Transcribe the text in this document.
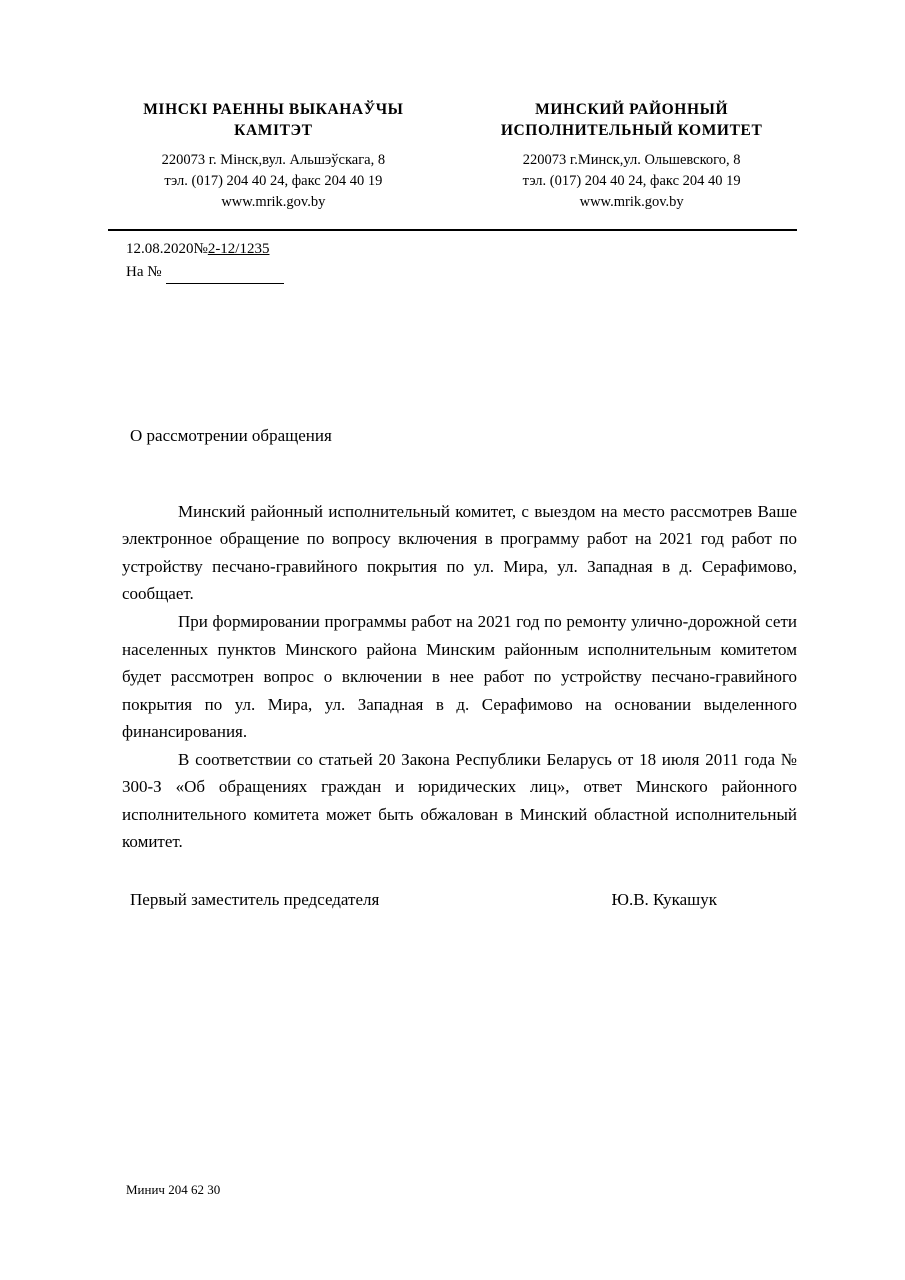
МІНСКІ РАЕННЫ ВЫКАНАЎЧЫ КАМІТЭТ
220073 г. Мінск,вул. Альшэўскага, 8
тэл. (017) 204 40 24, факс 204 40 19
www.mrik.gov.by
МИНСКИЙ РАЙОННЫЙ ИСПОЛНИТЕЛЬНЫЙ КОМИТЕТ
220073 г.Минск,ул. Ольшевского, 8
тэл. (017) 204 40 24, факс 204 40 19
www.mrik.gov.by
12.08.2020№2-12/1235
На №
О рассмотрении обращения

Минский районный исполнительный комитет, с выездом на место рассмотрев Ваше электронное обращение по вопросу включения в программу работ на 2021 год работ по устройству песчано-гравийного покрытия по ул. Мира, ул. Западная в д. Серафимово, сообщает.

При формировании программы работ на 2021 год по ремонту улично-дорожной сети населенных пунктов Минского района Минским районным исполнительным комитетом будет рассмотрен вопрос о включении в нее работ по устройству песчано-гравийного покрытия по ул. Мира, ул. Западная в д. Серафимово на основании выделенного финансирования.

В соответствии со статьей 20 Закона Республики Беларусь от 18 июля 2011 года № 300-З «Об обращениях граждан и юридических лиц», ответ Минского районного исполнительного комитета может быть обжалован в Минский областной исполнительный комитет.

Первый заместитель председателя	Ю.В. Кукашук
Минич 204 62 30
